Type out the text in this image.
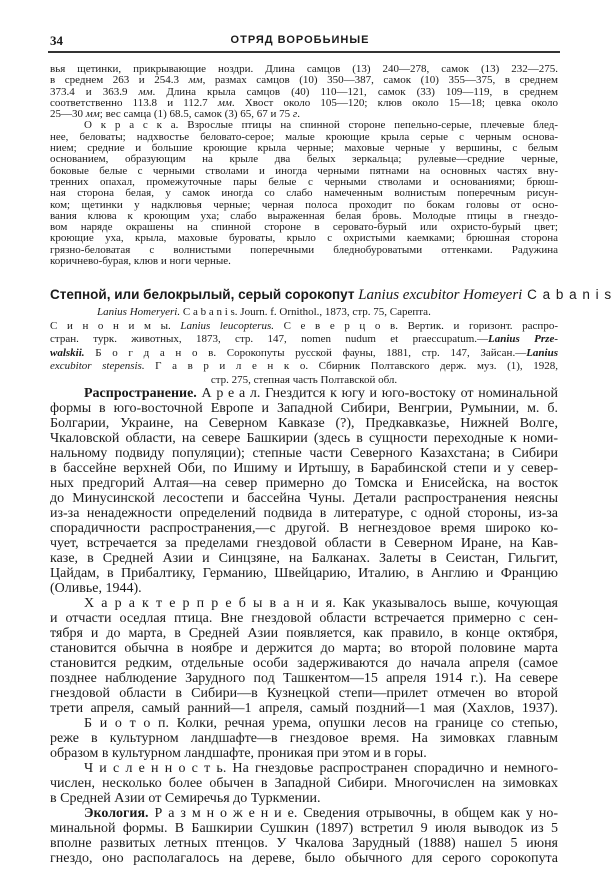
34	ОТРЯД ВОРОБЬИНЫЕ
вья щетинки, прикрывающие ноздри. Длина самцов (13) 240—278, самок (13) 232—275.
в среднем 263 и 254.3 мм, размах самцов (10) 350—387, самок (10) 355—375, в среднем
373.4 и 363.9 мм. Длина крыла самцов (40) 110—121, самок (33) 109—119, в среднем
соответственно 113.8 и 112.7 мм. Хвост около 105—120; клюв около 15—18; цевка около
25—30 мм; вес самца (1) 68.5, самок (3) 65, 67 и 75 г.
О к р а с к а. Взрослые птицы на спинной стороне пепельно-серые, плечевые блед-
нее, беловаты; надхвостье беловато-серое; малые кроющие крыла серые с черным основа-
нием; средние и большие кроющие крыла черные; маховые черные у вершины, с белым
основанием, образующим на крыле два белых зеркальца; рулевые—средние черные,
боковые белые с черными стволами и иногда черными пятнами на основных частях вну-
тренних опахал, промежуточные пары белые с черными стволами и основаниями; брюш-
ная сторона белая, у самок иногда со слабо намеченным волнистым поперечным рисун-
ком; щетинки у надклювья черные; черная полоса проходит по бокам головы от осно-
вания клюва к кроющим уха; слабо выраженная белая бровь. Молодые птицы в гнездо-
вом наряде окрашены на спинной стороне в серовато-бурый или охристо-бурый цвет;
кроющие уха, крыла, маховые буроваты, крыло с охристыми каемками; брюшная сторона
грязно-беловатая с волнистыми поперечными бледнобуроватыми оттенками. Радужина
коричнево-бурая, клюв и ноги черные.
Степной, или белокрылый, серый сорокопут Lanius excubitor Homeyeri C a b a n i s
Lanius Homeryeri. C a b a n i s. Journ. f. Ornithol., 1873, стр. 75, Сарепта.
С и н о н и м ы. Lanius leucopterus. С е в е р ц о в. Вертик. и горизонт. распро-
стран. турк. животных, 1873, стр. 147, nomen nudum et praeccupatum.—Lanius Prze-
walskii. Б о г д а н о в. Сорокопуты русской фауны, 1881, стр. 147, Зайсан.—Lanius
excubitor stepensis. Г а в р и л е н к о. Сбирник Полтавского держ. муз. (1), 1928,
стр. 275, степная часть Полтавской обл.
Распространение. А р е а л. Гнездится к югу и юго-востоку от номинальной
формы в юго-восточной Европе и Западной Сибири, Венгрии, Румынии, м. б.
Болгарии, Украине, на Северном Кавказе (?), Предкавказье, Нижней Волге,
Чкаловской области, на севере Башкирии (здесь в сущности переходные к номи-
нальному подвиду популяции); степные части Северного Казахстана; в Сибири
в бассейне верхней Оби, по Ишиму и Иртышу, в Барабинской степи и у север-
ных предгорий Алтая—на север примерно до Томска и Енисейска, на восток
до Минусинской лесостепи и бассейна Чуны. Детали распространения неясны
из-за ненадежности определений подвида в литературе, с одной стороны, из-за
спорадичности распространения,—с другой. В негнездовое время широко ко-
чует, встречается за пределами гнездовой области в Северном Иране, на Кав-
казе, в Средней Азии и Синцзяне, на Балканах. Залеты в Сеистан, Гильгит,
Цайдам, в Прибалтику, Германию, Швейцарию, Италию, в Англию и Францию
(Оливье, 1944).
Х а р а к т е р п р е б ы в а н и я. Как указывалось выше, кочующая
и отчасти оседлая птица. Вне гнездовой области встречается примерно с сен-
тября и до марта, в Средней Азии появляется, как правило, в конце октября,
становится обычна в ноябре и держится до марта; во второй половине марта
становится редким, отдельные особи задерживаются до начала апреля (самое
позднее наблюдение Зарудного под Ташкентом—15 апреля 1914 г.). На севере
гнездовой области в Сибири—в Кузнецкой степи—прилет отмечен во второй
трети апреля, самый ранний—1 апреля, самый поздний—1 мая (Хахлов, 1937).
Б и о т о п. Колки, речная урема, опушки лесов на границе со степью,
реже в культурном ландшафте—в гнездовое время. На зимовках главным
образом в культурном ландшафте, проникая при этом и в горы.
Ч и с л е н н о с т ь. На гнездовье распространен спорадично и немного-
числен, несколько более обычен в Западной Сибири. Многочислен на зимовках
в Средней Азии от Семиречья до Туркмении.
Экология. Р а з м н о ж е н и е. Сведения отрывочны, в общем как у но-
минальной формы. В Башкирии Сушкин (1897) встретил 9 июля выводок из 5
вполне развитых летных птенцов. У Чкалова Зарудный (1888) нашел 5 июня
гнездо, оно располагалось на дереве, было обычного для серого сорокопута
